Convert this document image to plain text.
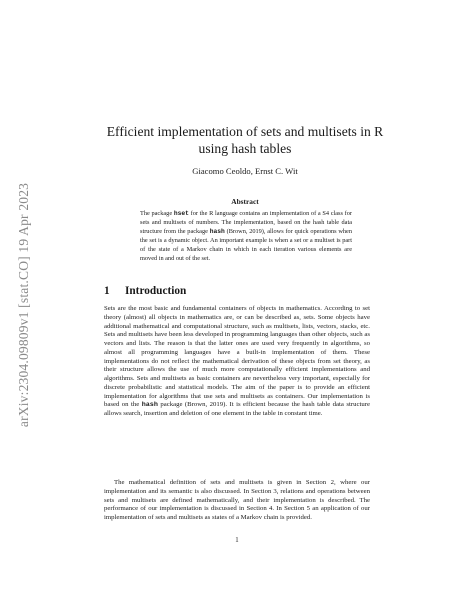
arXiv:2304.09809v1 [stat.CO] 19 Apr 2023
Efficient implementation of sets and multisets in R using hash tables
Giacomo Ceoldo, Ernst C. Wit
Abstract
The package hset for the R language contains an implementation of a S4 class for sets and multisets of numbers. The implementation, based on the hash table data structure from the package hash (Brown, 2019), allows for quick operations when the set is a dynamic object. An important example is when a set or a multiset is part of the state of a Markov chain in which in each iteration various elements are moved in and out of the set.
1 Introduction
Sets are the most basic and fundamental containers of objects in mathematics. According to set theory (almost) all objects in mathematics are, or can be described as, sets. Some objects have additional mathematical and computational structure, such as multisets, lists, vectors, stacks, etc. Sets and multisets have been less developed in programming languages than other objects, such as vectors and lists. The reason is that the latter ones are used very frequently in algorithms, so almost all programming languages have a built-in implementation of them. These implementations do not reflect the mathematical derivation of these objects from set theory, as their structure allows the use of much more computationally efficient implementations and algorithms. Sets and multisets as basic containers are nevertheless very important, especially for discrete probabilistic and statistical models. The aim of the paper is to provide an efficient implementation for algorithms that use sets and multisets as containers. Our implementation is based on the hash package (Brown, 2019). It is efficient because the hash table data structure allows search, insertion and deletion of one element in the table in constant time.
The mathematical definition of sets and multisets is given in Section 2, where our implementation and its semantic is also discussed. In Section 3, relations and operations between sets and multisets are defined mathematically, and their implementation is described. The performance of our implementation is discussed in Section 4. In Section 5 an application of our implementation of sets and multisets as states of a Markov chain is provided.
1
